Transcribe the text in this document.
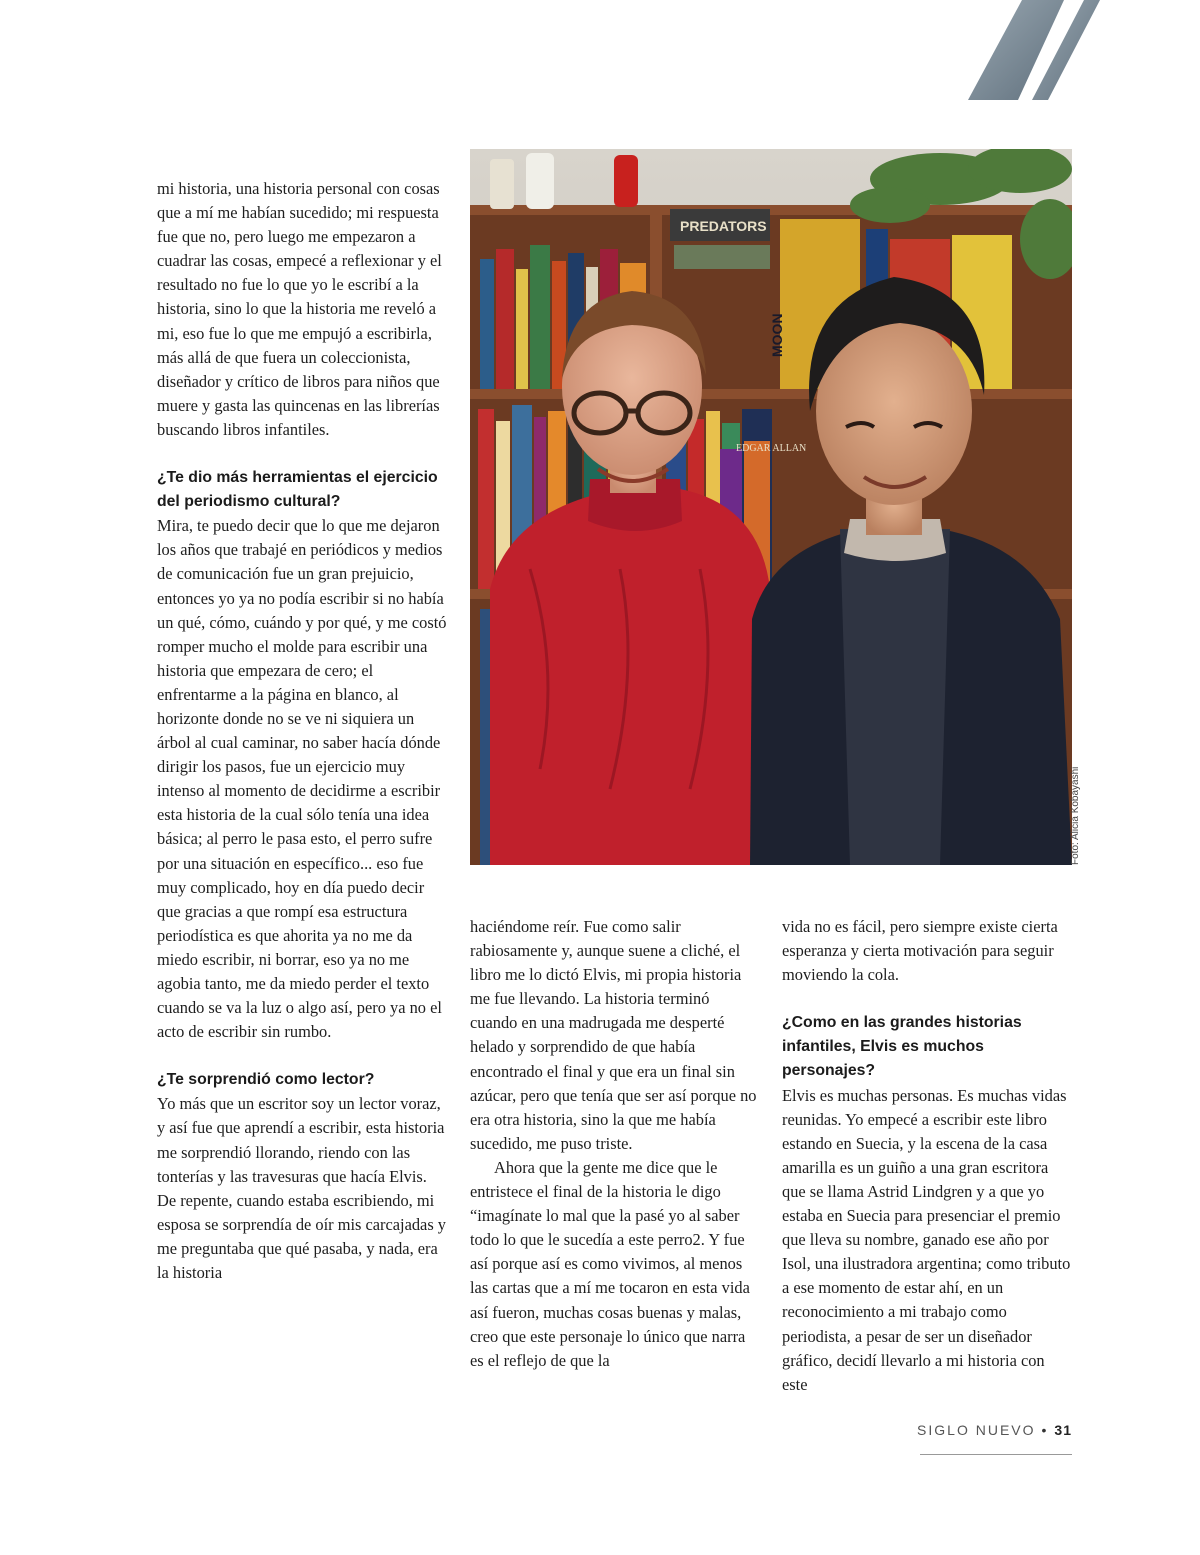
mi historia, una historia personal con cosas que a mí me habían sucedido; mi respuesta fue que no, pero luego me empezaron a cuadrar las cosas, empecé a reflexionar y el resultado no fue lo que yo le escribí a la historia, sino lo que la historia me reveló a mi, eso fue lo que me empujó a escribirla, más allá de que fuera un coleccionista, diseñador y crítico de libros para niños que muere y gasta las quincenas en las librerías buscando libros infantiles.

¿Te dio más herramientas el ejercicio del periodismo cultural?

Mira, te puedo decir que lo que me dejaron los años que trabajé en periódicos y medios de comunicación fue un gran prejuicio, entonces yo ya no podía escribir si no había un qué, cómo, cuándo y por qué, y me costó romper mucho el molde para escribir una historia que empezara de cero; el enfrentarme a la página en blanco, al horizonte donde no se ve ni siquiera un árbol al cual caminar, no saber hacía dónde dirigir los pasos, fue un ejercicio muy intenso al momento de decidirme a escribir esta historia de la cual sólo tenía una idea básica; al perro le pasa esto, el perro sufre por una situación en específico... eso fue muy complicado, hoy en día puedo decir que gracias a que rompí esa estructura periodística es que ahorita ya no me da miedo escribir, ni borrar, eso ya no me agobia tanto, me da miedo perder el texto cuando se va la luz o algo así, pero ya no el acto de escribir sin rumbo.

¿Te sorprendió como lector?

Yo más que un escritor soy un lector voraz, y así fue que aprendí a escribir, esta historia me sorprendió llorando, riendo con las tonterías y las travesuras que hacía Elvis. De repente, cuando estaba escribiendo, mi esposa se sorprendía de oír mis carcajadas y me preguntaba que qué pasaba, y nada, era la historia

PREDATORS
MOON
EDGAR ALLAN
Foto: Alicia Kobayashi

haciéndome reír. Fue como salir rabiosamente y, aunque suene a cliché, el libro me lo dictó Elvis, mi propia historia me fue llevando. La historia terminó cuando en una madrugada me desperté helado y sorprendido de que había encontrado el final y que era un final sin azúcar, pero que tenía que ser así porque no era otra historia, sino la que me había sucedido, me puso triste.

Ahora que la gente me dice que le entristece el final de la historia le digo “imagínate lo mal que la pasé yo al saber todo lo que le sucedía a este perro2. Y fue así porque así es como vivimos, al menos las cartas que a mí me tocaron en esta vida así fueron, muchas cosas buenas y malas, creo que este personaje lo único que narra es el reflejo de que la

vida no es fácil, pero siempre existe cierta esperanza y cierta motivación para seguir moviendo la cola.

¿Como en las grandes historias infantiles, Elvis es muchos personajes?

Elvis es muchas personas. Es muchas vidas reunidas. Yo empecé a escribir este libro estando en Suecia, y la escena de la casa amarilla es un guiño a una gran escritora que se llama Astrid Lindgren y a que yo estaba en Suecia para presenciar el premio que lleva su nombre, ganado ese año por Isol, una ilustradora argentina; como tributo a ese momento de estar ahí, en un reconocimiento a mi trabajo como periodista, a pesar de ser un diseñador gráfico, decidí llevarlo a mi historia con este

SIGLO NUEVO • 31
